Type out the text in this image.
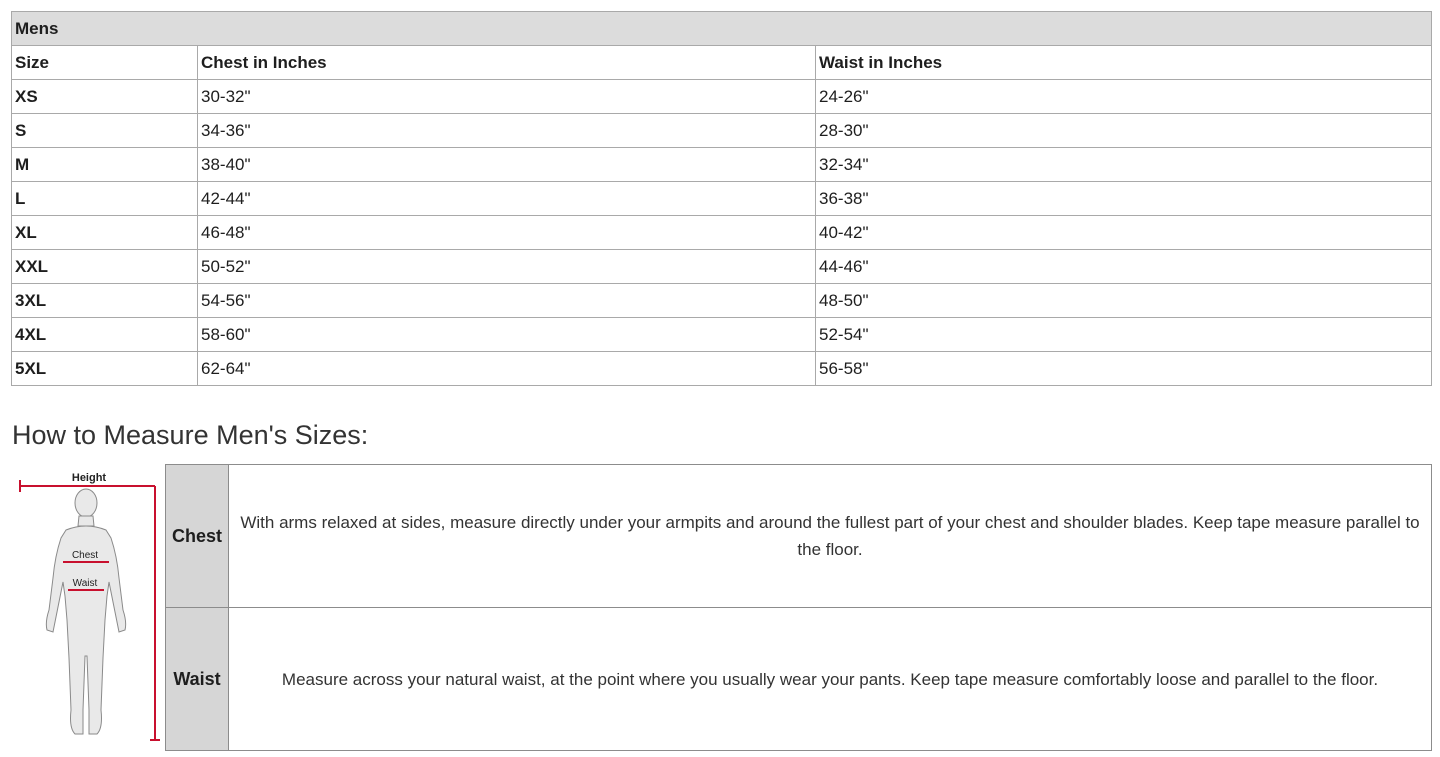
Mens		
Size	Chest in Inches	Waist in Inches
XS	30-32"	24-26"
S	34-36"	28-30"
M	38-40"	32-34"
L	42-44"	36-38"
XL	46-48"	40-42"
XXL	50-52"	44-46"
3XL	54-56"	48-50"
4XL	58-60"	52-54"
5XL	62-64"	56-58"
How to Measure Men's Sizes:
Height
Chest
Waist
Chest	With arms relaxed at sides, measure directly under your armpits and around the fullest part of your chest and shoulder blades. Keep tape measure parallel to the floor.
Waist	Measure across your natural waist, at the point where you usually wear your pants. Keep tape measure comfortably loose and parallel to the floor.
